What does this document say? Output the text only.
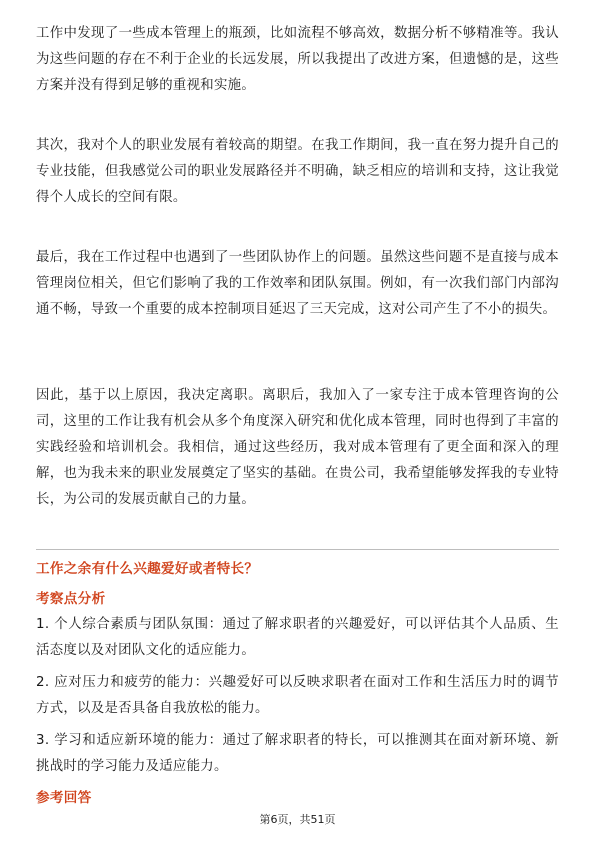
工作中发现了一些成本管理上的瓶颈，比如流程不够高效，数据分析不够精准等。我认为这些问题的存在不利于企业的长远发展，所以我提出了改进方案，但遗憾的是，这些方案并没有得到足够的重视和实施。

其次，我对个人的职业发展有着较高的期望。在我工作期间，我一直在努力提升自己的专业技能，但我感觉公司的职业发展路径并不明确，缺乏相应的培训和支持，这让我觉得个人成长的空间有限。

最后，我在工作过程中也遇到了一些团队协作上的问题。虽然这些问题不是直接与成本管理岗位相关，但它们影响了我的工作效率和团队氛围。例如，有一次我们部门内部沟通不畅，导致一个重要的成本控制项目延迟了三天完成，这对公司产生了不小的损失。

因此，基于以上原因，我决定离职。离职后，我加入了一家专注于成本管理咨询的公司，这里的工作让我有机会从多个角度深入研究和优化成本管理，同时也得到了丰富的实践经验和培训机会。我相信，通过这些经历，我对成本管理有了更全面和深入的理解，也为我未来的职业发展奠定了坚实的基础。在贵公司，我希望能够发挥我的专业特长，为公司的发展贡献自己的力量。

工作之余有什么兴趣爱好或者特长？
考察点分析
1. 个人综合素质与团队氛围：通过了解求职者的兴趣爱好，可以评估其个人品质、生活态度以及对团队文化的适应能力。
2. 应对压力和疲劳的能力：兴趣爱好可以反映求职者在面对工作和生活压力时的调节方式，以及是否具备自我放松的能力。
3. 学习和适应新环境的能力：通过了解求职者的特长，可以推测其在面对新环境、新挑战时的学习能力及适应能力。
参考回答
第6页，共51页
